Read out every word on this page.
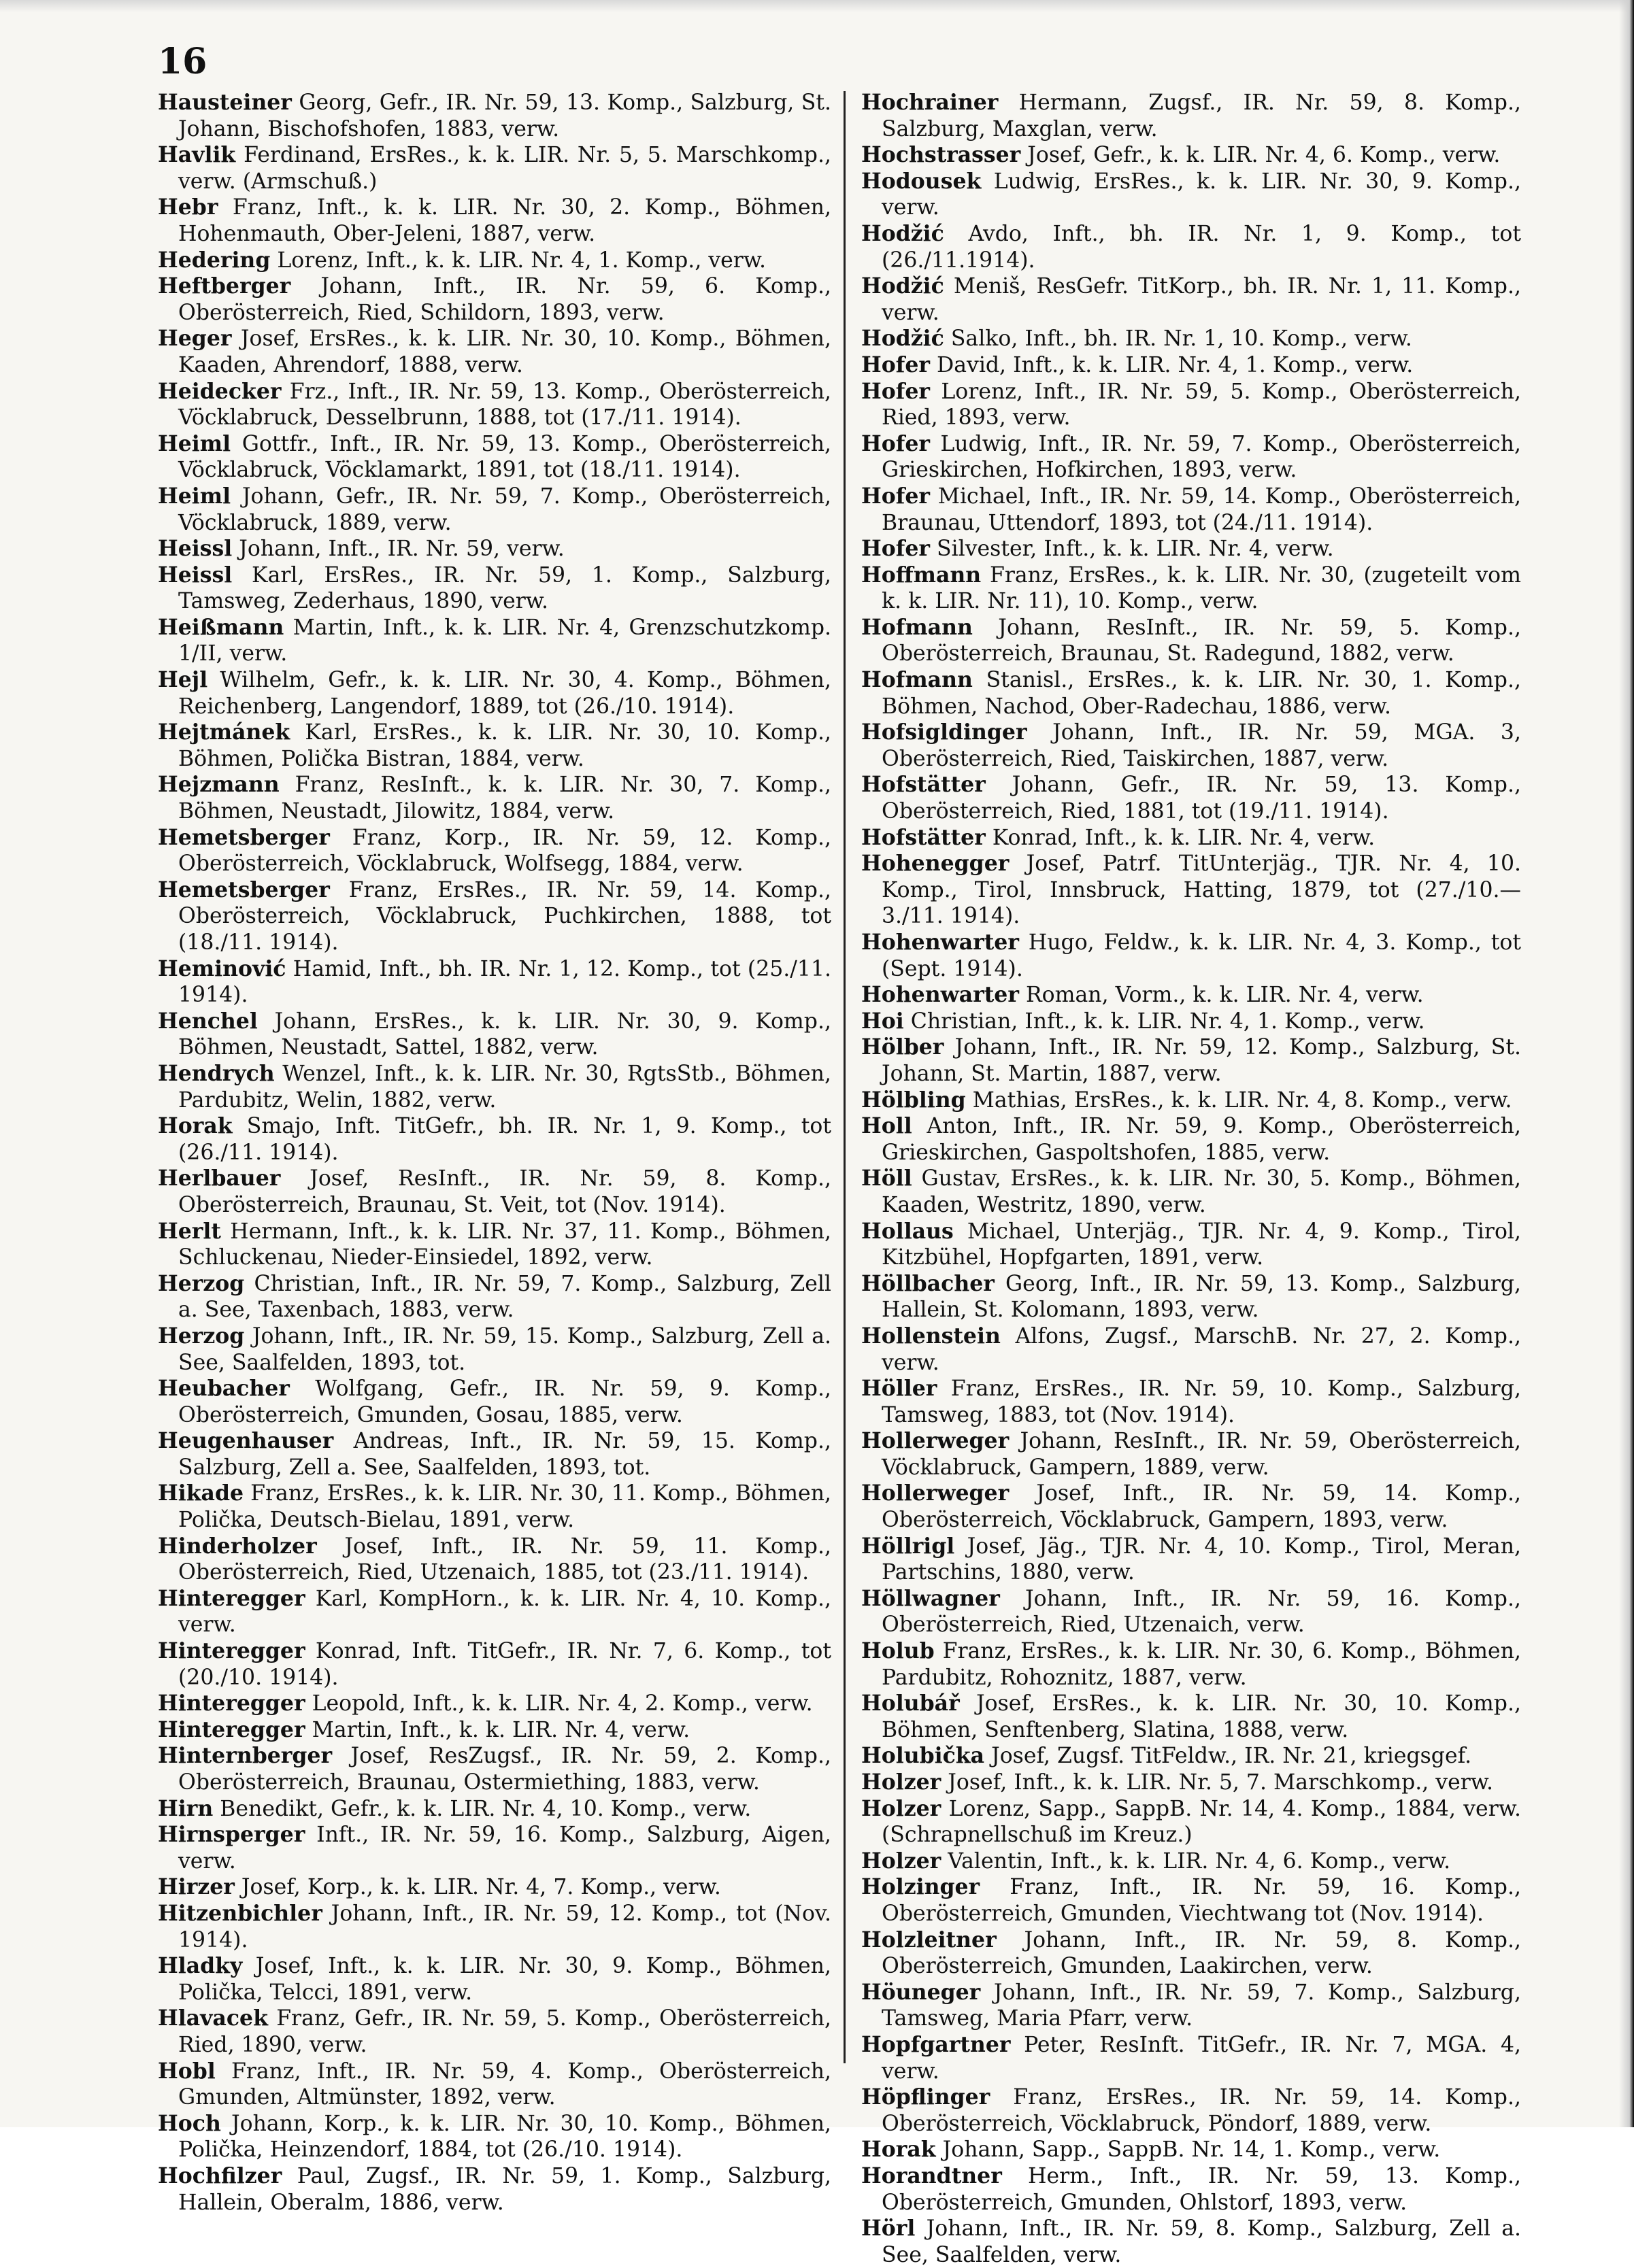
16

Hausteiner Georg, Gefr., IR. Nr. 59, 13. Komp., Salzburg, St. Johann, Bischofshofen, 1883, verw.

Havlik Ferdinand, ErsRes., k. k. LIR. Nr. 5, 5. Marschkomp., verw. (Armschuß.)

Hebr Franz, Inft., k. k. LIR. Nr. 30, 2. Komp., Böhmen, Hohenmauth, Ober-Jeleni, 1887, verw.

Hedering Lorenz, Inft., k. k. LIR. Nr. 4, 1. Komp., verw.

Heftberger Johann, Inft., IR. Nr. 59, 6. Komp., Oberösterreich, Ried, Schildorn, 1893, verw.

Heger Josef, ErsRes., k. k. LIR. Nr. 30, 10. Komp., Böhmen, Kaaden, Ahrendorf, 1888, verw.

Heidecker Frz., Inft., IR. Nr. 59, 13. Komp., Oberösterreich, Vöcklabruck, Desselbrunn, 1888, tot (17./11. 1914).

Heiml Gottfr., Inft., IR. Nr. 59, 13. Komp., Oberösterreich, Vöcklabruck, Vöcklamarkt, 1891, tot (18./11. 1914).

Heiml Johann, Gefr., IR. Nr. 59, 7. Komp., Oberösterreich, Vöcklabruck, 1889, verw.

Heissl Johann, Inft., IR. Nr. 59, verw.

Heissl Karl, ErsRes., IR. Nr. 59, 1. Komp., Salzburg, Tamsweg, Zederhaus, 1890, verw.

Heißmann Martin, Inft., k. k. LIR. Nr. 4, Grenzschutzkomp. 1/II, verw.

Hejl Wilhelm, Gefr., k. k. LIR. Nr. 30, 4. Komp., Böhmen, Reichenberg, Langendorf, 1889, tot (26./10. 1914).

Hejtmánek Karl, ErsRes., k. k. LIR. Nr. 30, 10. Komp., Böhmen, Polička Bistran, 1884, verw.

Hejzmann Franz, ResInft., k. k. LIR. Nr. 30, 7. Komp., Böhmen, Neustadt, Jilowitz, 1884, verw.

Hemetsberger Franz, Korp., IR. Nr. 59, 12. Komp., Oberösterreich, Vöcklabruck, Wolfsegg, 1884, verw.

Hemetsberger Franz, ErsRes., IR. Nr. 59, 14. Komp., Oberösterreich, Vöcklabruck, Puchkirchen, 1888, tot (18./11. 1914).

Heminović Hamid, Inft., bh. IR. Nr. 1, 12. Komp., tot (25./11. 1914).

Henchel Johann, ErsRes., k. k. LIR. Nr. 30, 9. Komp., Böhmen, Neustadt, Sattel, 1882, verw.

Hendrych Wenzel, Inft., k. k. LIR. Nr. 30, RgtsStb., Böhmen, Pardubitz, Welin, 1882, verw.

Horak Smajo, Inft. TitGefr., bh. IR. Nr. 1, 9. Komp., tot (26./11. 1914).

Herlbauer Josef, ResInft., IR. Nr. 59, 8. Komp., Oberösterreich, Braunau, St. Veit, tot (Nov. 1914).

Herlt Hermann, Inft., k. k. LIR. Nr. 37, 11. Komp., Böhmen, Schluckenau, Nieder-Einsiedel, 1892, verw.

Herzog Christian, Inft., IR. Nr. 59, 7. Komp., Salzburg, Zell a. See, Taxenbach, 1883, verw.

Herzog Johann, Inft., IR. Nr. 59, 15. Komp., Salzburg, Zell a. See, Saalfelden, 1893, tot.

Heubacher Wolfgang, Gefr., IR. Nr. 59, 9. Komp., Oberösterreich, Gmunden, Gosau, 1885, verw.

Heugenhauser Andreas, Inft., IR. Nr. 59, 15. Komp., Salzburg, Zell a. See, Saalfelden, 1893, tot.

Hikade Franz, ErsRes., k. k. LIR. Nr. 30, 11. Komp., Böhmen, Polička, Deutsch-Bielau, 1891, verw.

Hinderholzer Josef, Inft., IR. Nr. 59, 11. Komp., Oberösterreich, Ried, Utzenaich, 1885, tot (23./11. 1914).

Hinteregger Karl, KompHorn., k. k. LIR. Nr. 4, 10. Komp., verw.

Hinteregger Konrad, Inft. TitGefr., IR. Nr. 7, 6. Komp., tot (20./10. 1914).

Hinteregger Leopold, Inft., k. k. LIR. Nr. 4, 2. Komp., verw.

Hinteregger Martin, Inft., k. k. LIR. Nr. 4, verw.

Hinternberger Josef, ResZugsf., IR. Nr. 59, 2. Komp., Oberösterreich, Braunau, Ostermiething, 1883, verw.

Hirn Benedikt, Gefr., k. k. LIR. Nr. 4, 10. Komp., verw.

Hirnsperger Inft., IR. Nr. 59, 16. Komp., Salzburg, Aigen, verw.

Hirzer Josef, Korp., k. k. LIR. Nr. 4, 7. Komp., verw.

Hitzenbichler Johann, Inft., IR. Nr. 59, 12. Komp., tot (Nov. 1914).

Hladky Josef, Inft., k. k. LIR. Nr. 30, 9. Komp., Böhmen, Polička, Telcci, 1891, verw.

Hlavacek Franz, Gefr., IR. Nr. 59, 5. Komp., Oberösterreich, Ried, 1890, verw.

Hobl Franz, Inft., IR. Nr. 59, 4. Komp., Oberösterreich, Gmunden, Altmünster, 1892, verw.

Hoch Johann, Korp., k. k. LIR. Nr. 30, 10. Komp., Böhmen, Polička, Heinzendorf, 1884, tot (26./10. 1914).

Hochfilzer Paul, Zugsf., IR. Nr. 59, 1. Komp., Salzburg, Hallein, Oberalm, 1886, verw.

Hochrainer Hermann, Zugsf., IR. Nr. 59, 8. Komp., Salzburg, Maxglan, verw.

Hochstrasser Josef, Gefr., k. k. LIR. Nr. 4, 6. Komp., verw.

Hodousek Ludwig, ErsRes., k. k. LIR. Nr. 30, 9. Komp., verw.

Hodžić Avdo, Inft., bh. IR. Nr. 1, 9. Komp., tot (26./11.1914).

Hodžić Meniš, ResGefr. TitKorp., bh. IR. Nr. 1, 11. Komp., verw.

Hodžić Salko, Inft., bh. IR. Nr. 1, 10. Komp., verw.

Hofer David, Inft., k. k. LIR. Nr. 4, 1. Komp., verw.

Hofer Lorenz, Inft., IR. Nr. 59, 5. Komp., Oberösterreich, Ried, 1893, verw.

Hofer Ludwig, Inft., IR. Nr. 59, 7. Komp., Oberösterreich, Grieskirchen, Hofkirchen, 1893, verw.

Hofer Michael, Inft., IR. Nr. 59, 14. Komp., Oberösterreich, Braunau, Uttendorf, 1893, tot (24./11. 1914).

Hofer Silvester, Inft., k. k. LIR. Nr. 4, verw.

Hoffmann Franz, ErsRes., k. k. LIR. Nr. 30, (zugeteilt vom k. k. LIR. Nr. 11), 10. Komp., verw.

Hofmann Johann, ResInft., IR. Nr. 59, 5. Komp., Oberösterreich, Braunau, St. Radegund, 1882, verw.

Hofmann Stanisl., ErsRes., k. k. LIR. Nr. 30, 1. Komp., Böhmen, Nachod, Ober-Radechau, 1886, verw.

Hofsigldinger Johann, Inft., IR. Nr. 59, MGA. 3, Oberösterreich, Ried, Taiskirchen, 1887, verw.

Hofstätter Johann, Gefr., IR. Nr. 59, 13. Komp., Oberösterreich, Ried, 1881, tot (19./11. 1914).

Hofstätter Konrad, Inft., k. k. LIR. Nr. 4, verw.

Hohenegger Josef, Patrf. TitUnterjäg., TJR. Nr. 4, 10. Komp., Tirol, Innsbruck, Hatting, 1879, tot (27./10.—3./11. 1914).

Hohenwarter Hugo, Feldw., k. k. LIR. Nr. 4, 3. Komp., tot (Sept. 1914).

Hohenwarter Roman, Vorm., k. k. LIR. Nr. 4, verw.

Hoi Christian, Inft., k. k. LIR. Nr. 4, 1. Komp., verw.

Hölber Johann, Inft., IR. Nr. 59, 12. Komp., Salzburg, St. Johann, St. Martin, 1887, verw.

Hölbling Mathias, ErsRes., k. k. LIR. Nr. 4, 8. Komp., verw.

Holl Anton, Inft., IR. Nr. 59, 9. Komp., Oberösterreich, Grieskirchen, Gaspoltshofen, 1885, verw.

Höll Gustav, ErsRes., k. k. LIR. Nr. 30, 5. Komp., Böhmen, Kaaden, Westritz, 1890, verw.

Hollaus Michael, Unterjäg., TJR. Nr. 4, 9. Komp., Tirol, Kitzbühel, Hopfgarten, 1891, verw.

Höllbacher Georg, Inft., IR. Nr. 59, 13. Komp., Salzburg, Hallein, St. Kolomann, 1893, verw.

Hollenstein Alfons, Zugsf., MarschB. Nr. 27, 2. Komp., verw.

Höller Franz, ErsRes., IR. Nr. 59, 10. Komp., Salzburg, Tamsweg, 1883, tot (Nov. 1914).

Hollerweger Johann, ResInft., IR. Nr. 59, Oberösterreich, Vöcklabruck, Gampern, 1889, verw.

Hollerweger Josef, Inft., IR. Nr. 59, 14. Komp., Oberösterreich, Vöcklabruck, Gampern, 1893, verw.

Höllrigl Josef, Jäg., TJR. Nr. 4, 10. Komp., Tirol, Meran, Partschins, 1880, verw.

Höllwagner Johann, Inft., IR. Nr. 59, 16. Komp., Oberösterreich, Ried, Utzenaich, verw.

Holub Franz, ErsRes., k. k. LIR. Nr. 30, 6. Komp., Böhmen, Pardubitz, Rohoznitz, 1887, verw.

Holubář Josef, ErsRes., k. k. LIR. Nr. 30, 10. Komp., Böhmen, Senftenberg, Slatina, 1888, verw.

Holubička Josef, Zugsf. TitFeldw., IR. Nr. 21, kriegsgef.

Holzer Josef, Inft., k. k. LIR. Nr. 5, 7. Marschkomp., verw.

Holzer Lorenz, Sapp., SappB. Nr. 14, 4. Komp., 1884, verw. (Schrapnellschuß im Kreuz.)

Holzer Valentin, Inft., k. k. LIR. Nr. 4, 6. Komp., verw.

Holzinger Franz, Inft., IR. Nr. 59, 16. Komp., Oberösterreich, Gmunden, Viechtwang tot (Nov. 1914).

Holzleitner Johann, Inft., IR. Nr. 59, 8. Komp., Oberösterreich, Gmunden, Laakirchen, verw.

Höuneger Johann, Inft., IR. Nr. 59, 7. Komp., Salzburg, Tamsweg, Maria Pfarr, verw.

Hopfgartner Peter, ResInft. TitGefr., IR. Nr. 7, MGA. 4, verw.

Höpflinger Franz, ErsRes., IR. Nr. 59, 14. Komp., Oberösterreich, Vöcklabruck, Pöndorf, 1889, verw.

Horak Johann, Sapp., SappB. Nr. 14, 1. Komp., verw.

Horandtner Herm., Inft., IR. Nr. 59, 13. Komp., Oberösterreich, Gmunden, Ohlstorf, 1893, verw.

Hörl Johann, Inft., IR. Nr. 59, 8. Komp., Salzburg, Zell a. See, Saalfelden, verw.
